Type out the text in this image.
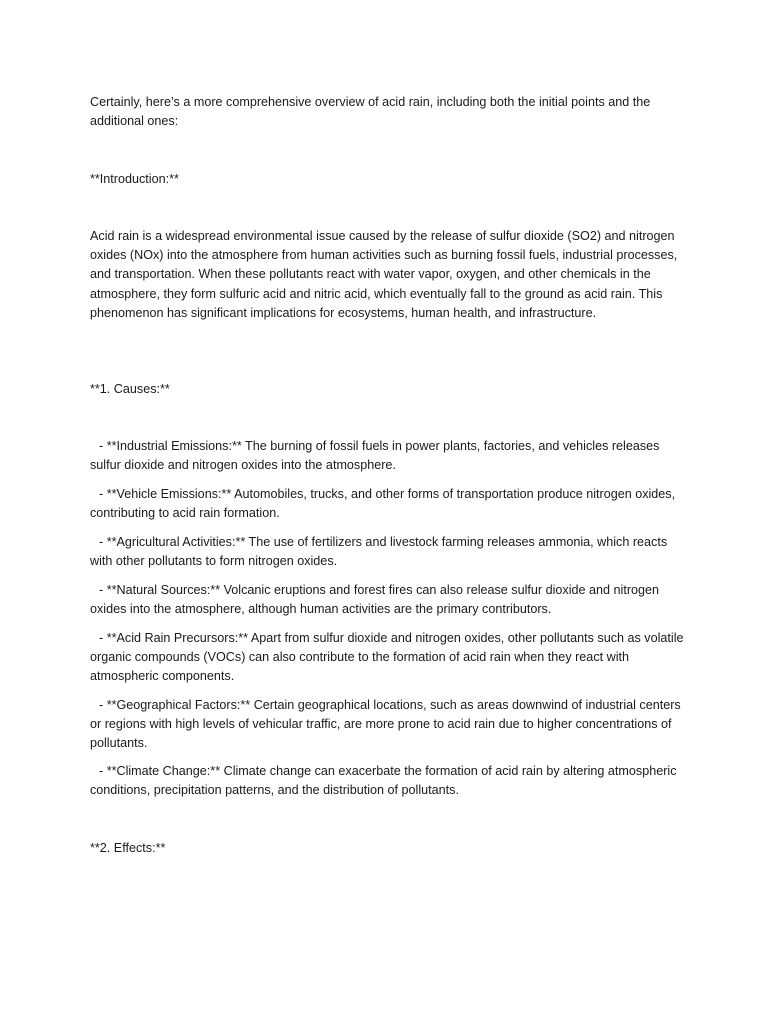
Certainly, here’s a more comprehensive overview of acid rain, including both the initial points and the additional ones:

**Introduction:**

Acid rain is a widespread environmental issue caused by the release of sulfur dioxide (SO2) and nitrogen oxides (NOx) into the atmosphere from human activities such as burning fossil fuels, industrial processes, and transportation. When these pollutants react with water vapor, oxygen, and other chemicals in the atmosphere, they form sulfuric acid and nitric acid, which eventually fall to the ground as acid rain. This phenomenon has significant implications for ecosystems, human health, and infrastructure.

**1. Causes:**

- **Industrial Emissions:** The burning of fossil fuels in power plants, factories, and vehicles releases sulfur dioxide and nitrogen oxides into the atmosphere.

- **Vehicle Emissions:** Automobiles, trucks, and other forms of transportation produce nitrogen oxides, contributing to acid rain formation.

- **Agricultural Activities:** The use of fertilizers and livestock farming releases ammonia, which reacts with other pollutants to form nitrogen oxides.

- **Natural Sources:** Volcanic eruptions and forest fires can also release sulfur dioxide and nitrogen oxides into the atmosphere, although human activities are the primary contributors.

- **Acid Rain Precursors:** Apart from sulfur dioxide and nitrogen oxides, other pollutants such as volatile organic compounds (VOCs) can also contribute to the formation of acid rain when they react with atmospheric components.

- **Geographical Factors:** Certain geographical locations, such as areas downwind of industrial centers or regions with high levels of vehicular traffic, are more prone to acid rain due to higher concentrations of pollutants.

- **Climate Change:** Climate change can exacerbate the formation of acid rain by altering atmospheric conditions, precipitation patterns, and the distribution of pollutants.

**2. Effects:**
